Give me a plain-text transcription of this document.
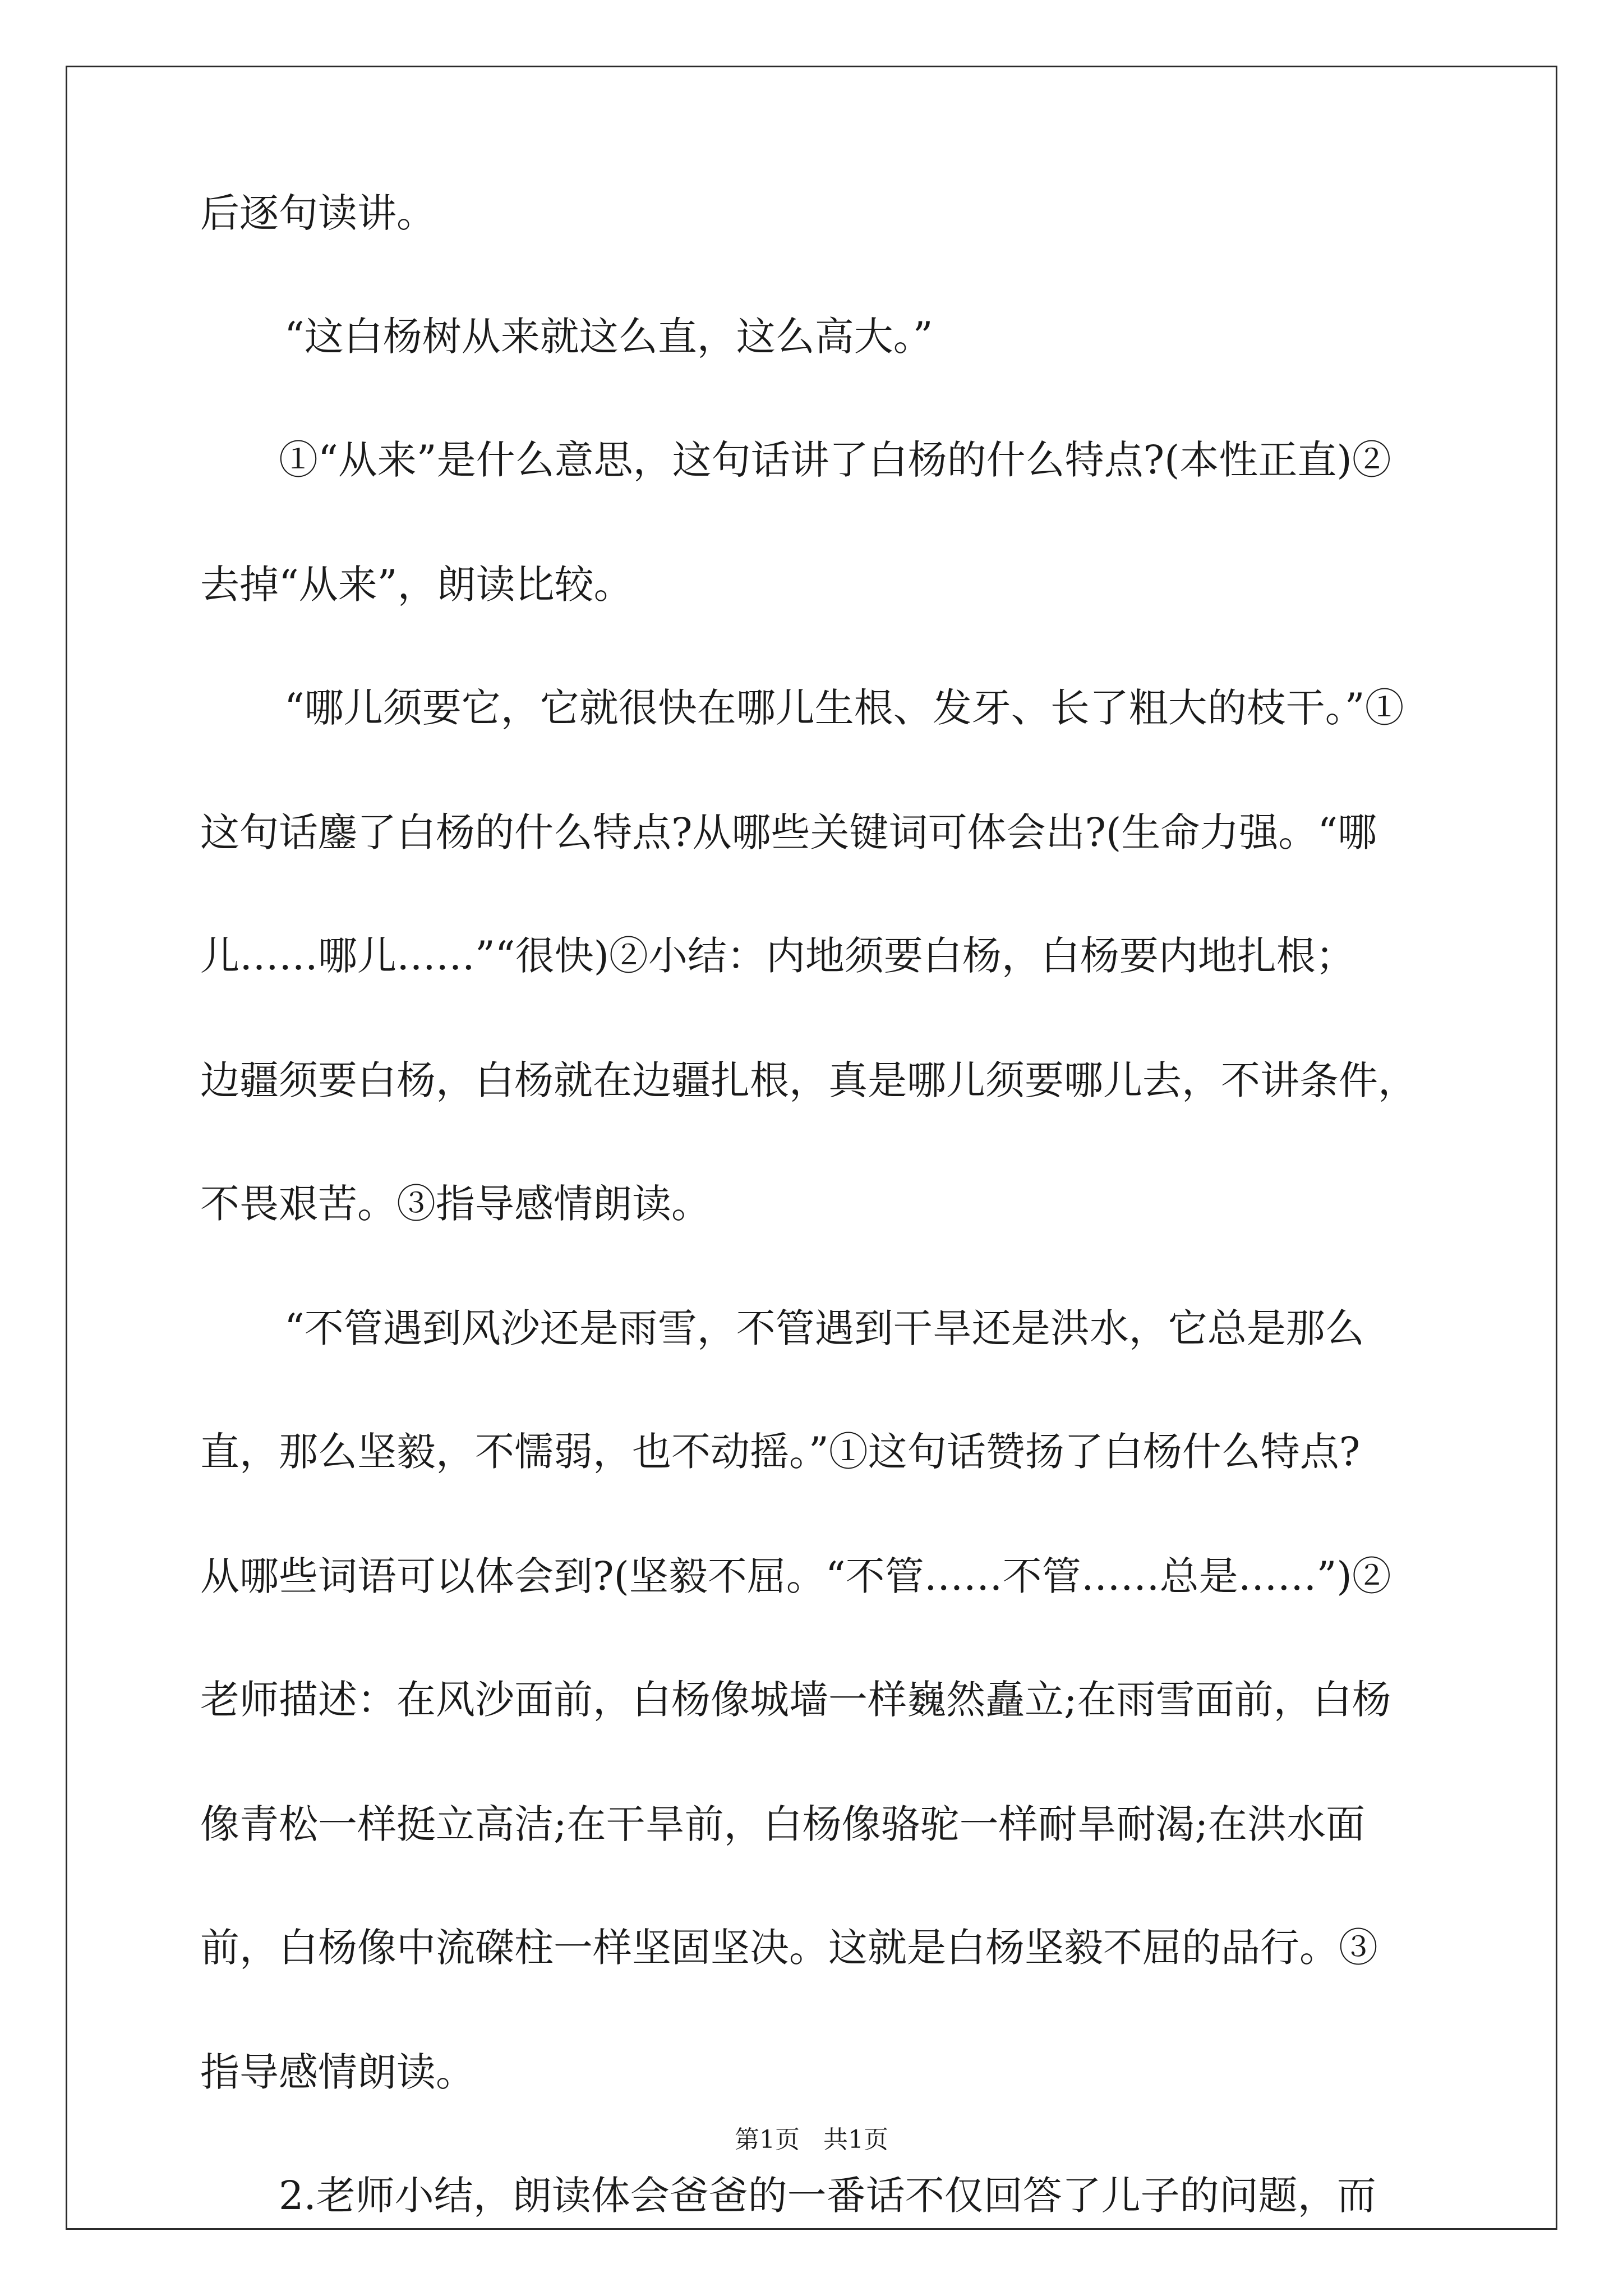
后逐句读讲。
“这白杨树从来就这么直，这么高大。”
①“从来”是什么意思，这句话讲了白杨的什么特点?(本性正直)②
去掉“从来”，朗读比较。
“哪儿须要它，它就很快在哪儿生根、发牙、长了粗大的枝干。”①
这句话鏖了白杨的什么特点?从哪些关键词可体会出?(生命力强。“哪
儿……哪儿……”“很快)②小结：内地须要白杨，白杨要内地扎根；
边疆须要白杨，白杨就在边疆扎根，真是哪儿须要哪儿去，不讲条件，
不畏艰苦。③指导感情朗读。
“不管遇到风沙还是雨雪，不管遇到干旱还是洪水，它总是那么
直，那么坚毅，不懦弱，也不动摇。”①这句话赞扬了白杨什么特点?
从哪些词语可以体会到?(坚毅不屈。“不管……不管……总是……”)②
老师描述：在风沙面前，白杨像城墙一样巍然矗立;在雨雪面前，白杨
像青松一样挺立高洁;在干旱前，白杨像骆驼一样耐旱耐渴;在洪水面
前，白杨像中流磔柱一样坚固坚决。这就是白杨坚毅不屈的品行。③
指导感情朗读。
2.老师小结，朗读体会爸爸的一番话不仅回答了儿子的问题，而
第1页 共1页
